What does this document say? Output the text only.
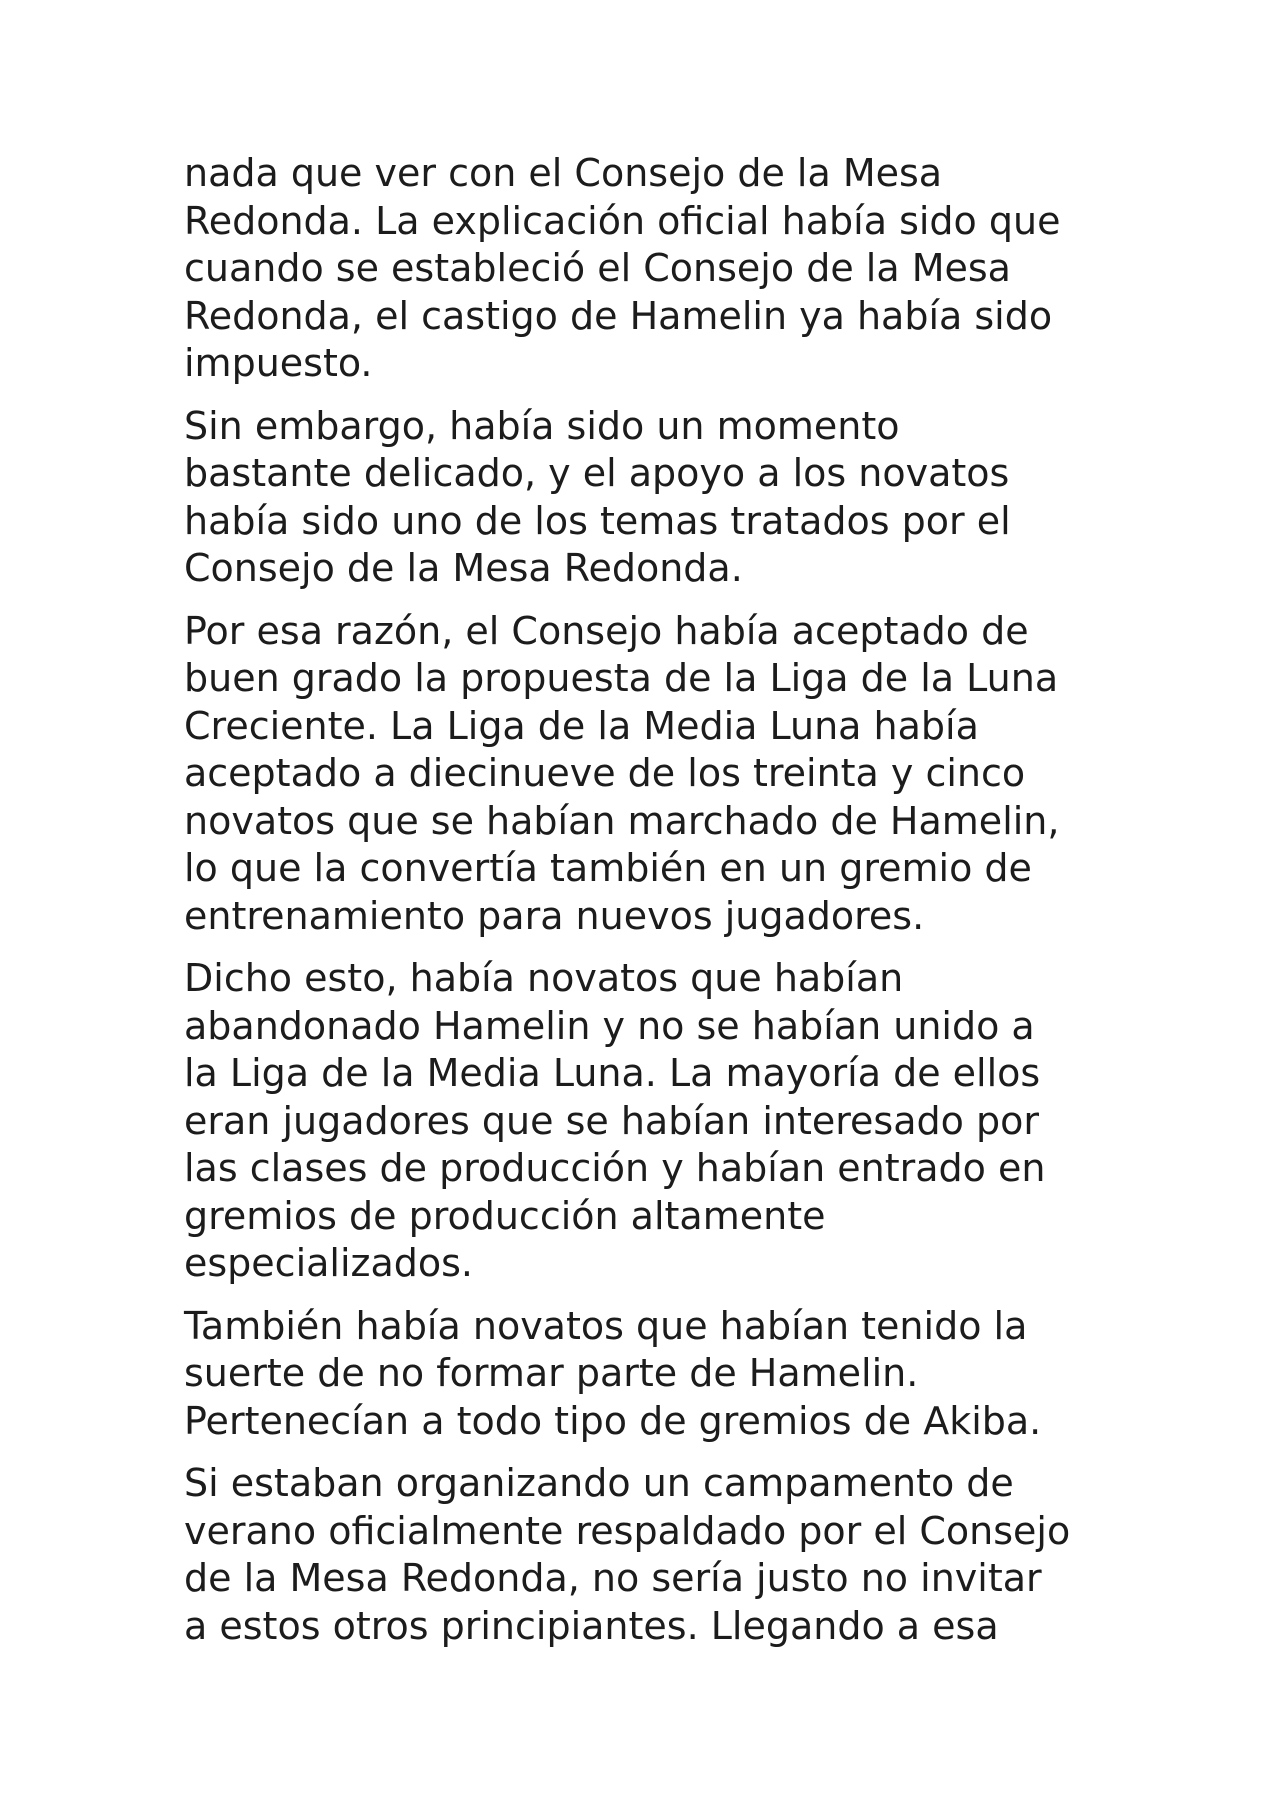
nada que ver con el Consejo de la Mesa
Redonda. La explicación oficial había sido que
cuando se estableció el Consejo de la Mesa
Redonda, el castigo de Hamelin ya había sido
impuesto.
Sin embargo, había sido un momento
bastante delicado, y el apoyo a los novatos
había sido uno de los temas tratados por el
Consejo de la Mesa Redonda.
Por esa razón, el Consejo había aceptado de
buen grado la propuesta de la Liga de la Luna
Creciente. La Liga de la Media Luna había
aceptado a diecinueve de los treinta y cinco
novatos que se habían marchado de Hamelin,
lo que la convertía también en un gremio de
entrenamiento para nuevos jugadores.
Dicho esto, había novatos que habían
abandonado Hamelin y no se habían unido a
la Liga de la Media Luna. La mayoría de ellos
eran jugadores que se habían interesado por
las clases de producción y habían entrado en
gremios de producción altamente
especializados.
También había novatos que habían tenido la
suerte de no formar parte de Hamelin.
Pertenecían a todo tipo de gremios de Akiba.
Si estaban organizando un campamento de
verano oficialmente respaldado por el Consejo
de la Mesa Redonda, no sería justo no invitar
a estos otros principiantes. Llegando a esa
